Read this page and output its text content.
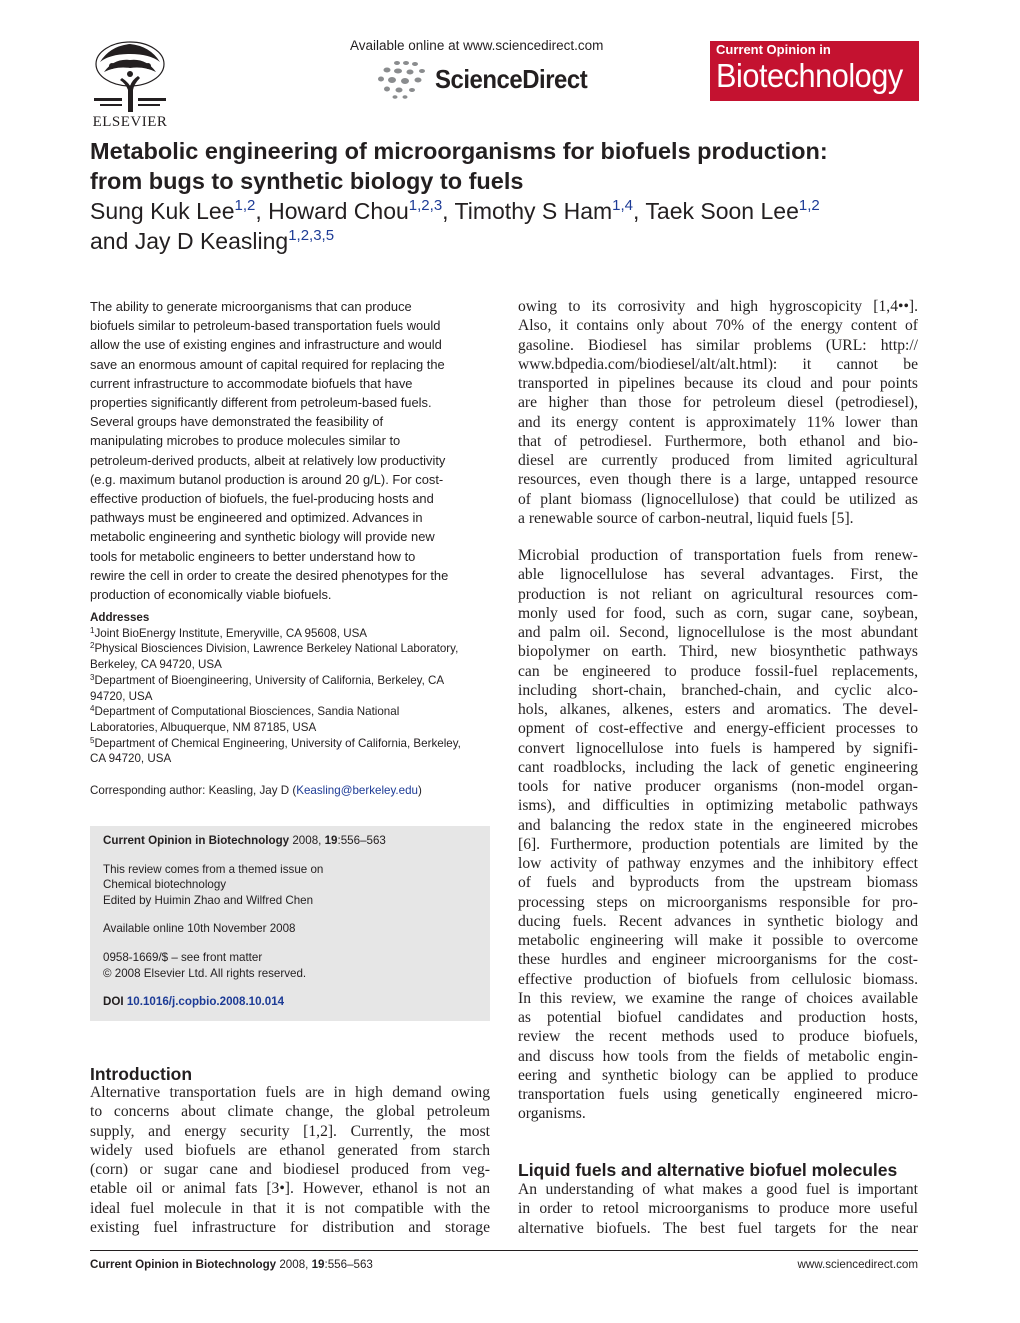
ELSEVIER
Available online at www.sciencedirect.com
ScienceDirect
Current Opinion in
Biotechnology
Metabolic engineering of microorganisms for biofuels production:
from bugs to synthetic biology to fuels
Sung Kuk Lee$^{1,2}$, Howard Chou$^{1,2,3}$, Timothy S Ham$^{1,4}$, Taek Soon Lee$^{1,2}$
and Jay D Keasling$^{1,2,3,5}$
The ability to generate microorganisms that can produce
biofuels similar to petroleum-based transportation fuels would
allow the use of existing engines and infrastructure and would
save an enormous amount of capital required for replacing the
current infrastructure to accommodate biofuels that have
properties significantly different from petroleum-based fuels.
Several groups have demonstrated the feasibility of
manipulating microbes to produce molecules similar to
petroleum-derived products, albeit at relatively low productivity
(e.g. maximum butanol production is around 20 g/L). For cost-
effective production of biofuels, the fuel-producing hosts and
pathways must be engineered and optimized. Advances in
metabolic engineering and synthetic biology will provide new
tools for metabolic engineers to better understand how to
rewire the cell in order to create the desired phenotypes for the
production of economically viable biofuels.
Addresses
$^1$Joint BioEnergy Institute, Emeryville, CA 95608, USA
$^2$Physical Biosciences Division, Lawrence Berkeley National Laboratory,
Berkeley, CA 94720, USA
$^3$Department of Bioengineering, University of California, Berkeley, CA
94720, USA
$^4$Department of Computational Biosciences, Sandia National
Laboratories, Albuquerque, NM 87185, USA
$^5$Department of Chemical Engineering, University of California, Berkeley,
CA 94720, USA
Corresponding author: Keasling, Jay D (Keasling@berkeley.edu)

Current Opinion in Biotechnology 2008, 19:556–563

This review comes from a themed issue on

Chemical biotechnology

Edited by Huimin Zhao and Wilfred Chen

Available online 10th November 2008

0958-1669/$ – see front matter

© 2008 Elsevier Ltd. All rights reserved.

DOI 10.1016/j.copbio.2008.10.014

Introduction
Alternative transportation fuels are in high demand owing
to concerns about climate change, the global petroleum
supply, and energy security [1,2]. Currently, the most
widely used biofuels are ethanol generated from starch
(corn) or sugar cane and biodiesel produced from veg-
etable oil or animal fats [3•]. However, ethanol is not an
ideal fuel molecule in that it is not compatible with the
existing fuel infrastructure for distribution and storage
owing to its corrosivity and high hygroscopicity [1,4••].
Also, it contains only about 70% of the energy content of
gasoline. Biodiesel has similar problems (URL: http://
www.bdpedia.com/biodiesel/alt/alt.html): it cannot be
transported in pipelines because its cloud and pour points
are higher than those for petroleum diesel (petrodiesel),
and its energy content is approximately 11% lower than
that of petrodiesel. Furthermore, both ethanol and bio-
diesel are currently produced from limited agricultural
resources, even though there is a large, untapped resource
of plant biomass (lignocellulose) that could be utilized as
a renewable source of carbon-neutral, liquid fuels [5].
Microbial production of transportation fuels from renew-
able lignocellulose has several advantages. First, the
production is not reliant on agricultural resources com-
monly used for food, such as corn, sugar cane, soybean,
and palm oil. Second, lignocellulose is the most abundant
biopolymer on earth. Third, new biosynthetic pathways
can be engineered to produce fossil-fuel replacements,
including short-chain, branched-chain, and cyclic alco-
hols, alkanes, alkenes, esters and aromatics. The devel-
opment of cost-effective and energy-efficient processes to
convert lignocellulose into fuels is hampered by signifi-
cant roadblocks, including the lack of genetic engineering
tools for native producer organisms (non-model organ-
isms), and difficulties in optimizing metabolic pathways
and balancing the redox state in the engineered microbes
[6]. Furthermore, production potentials are limited by the
low activity of pathway enzymes and the inhibitory effect
of fuels and byproducts from the upstream biomass
processing steps on microorganisms responsible for pro-
ducing fuels. Recent advances in synthetic biology and
metabolic engineering will make it possible to overcome
these hurdles and engineer microorganisms for the cost-
effective production of biofuels from cellulosic biomass.
In this review, we examine the range of choices available
as potential biofuel candidates and production hosts,
review the recent methods used to produce biofuels,
and discuss how tools from the fields of metabolic engin-
eering and synthetic biology can be applied to produce
transportation fuels using genetically engineered micro-
organisms.
Liquid fuels and alternative biofuel molecules
An understanding of what makes a good fuel is important
in order to retool microorganisms to produce more useful
alternative biofuels. The best fuel targets for the near
Current Opinion in Biotechnology 2008, 19:556–563	www.sciencedirect.com
